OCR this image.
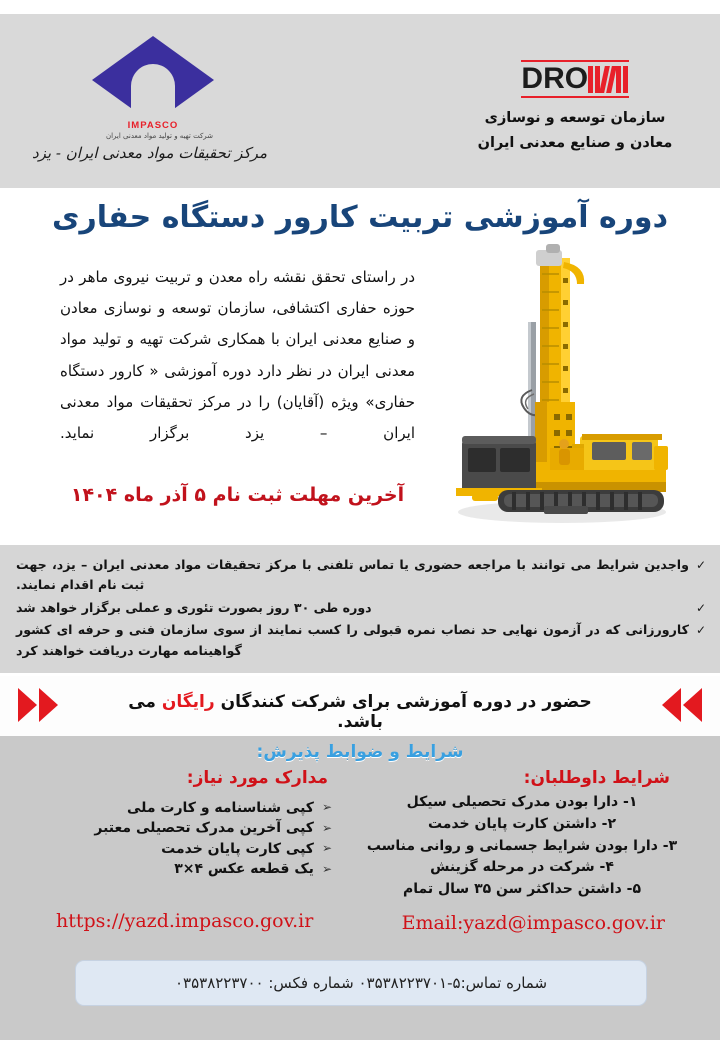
IMPASCO
شرکت تهیه و تولید مواد معدنی ایران
مرکز تحقیقات مواد معدنی ایران - یزد
DRO
سازمان توسعه و نوسازی
معادن و صنایع معدنی ایران
دوره آموزشی تربیت کارور دستگاه حفاری
در راستای تحقق نقشه راه معدن و تربیت نیروی ماهر در حوزه حفاری اکتشافی، سازمان توسعه و نوسازی معادن و صنایع معدنی ایران با همکاری شرکت تهیه و تولید مواد معدنی ایران در نظر دارد دوره آموزشی « کارور دستگاه حفاری» ویژه (آقایان) را در مرکز تحقیقات مواد معدنی ایران – یزد برگزار نماید.
آخرین مهلت ثبت نام ۵ آذر ماه ۱۴۰۴
✓
واجدین شرایط می توانند با مراجعه حضوری یا تماس تلفنی با مرکز تحقیقات مواد معدنی ایران – یزد، جهت ثبت نام اقدام نمایند.
✓
دوره طی ۳۰ روز بصورت تئوری و عملی برگزار خواهد شد
✓
کارورزانی که در آزمون نهایی حد نصاب نمره قبولی را کسب نمایند از سوی سازمان فنی و حرفه ای کشور گواهینامه مهارت دریافت خواهند کرد
حضور در دوره آموزشی برای شرکت کنندگان رایگان می باشد.
شرایط و ضوابط پذیرش:
شرایط داوطلبان:
مدارک مورد نیاز:
۱- دارا بودن مدرک تحصیلی سیکل
۲- داشتن کارت پایان خدمت
۳- دارا بودن شرایط جسمانی و روانی مناسب
۴- شرکت در مرحله گزینش
۵- داشتن حداکثر سن ۳۵ سال تمام
➢
کپی شناسنامه و کارت ملی
➢
کپی آخرین مدرک تحصیلی معتبر
➢
کپی کارت پایان خدمت
➢
یک قطعه عکس ۴×۳
https://yazd.impasco.gov.ir	Email:yazd@impasco.gov.ir
شماره تماس:۵-۰۳۵۳۸۲۲۳۷۰۱ شماره فکس: ۰۳۵۳۸۲۲۳۷۰۰
